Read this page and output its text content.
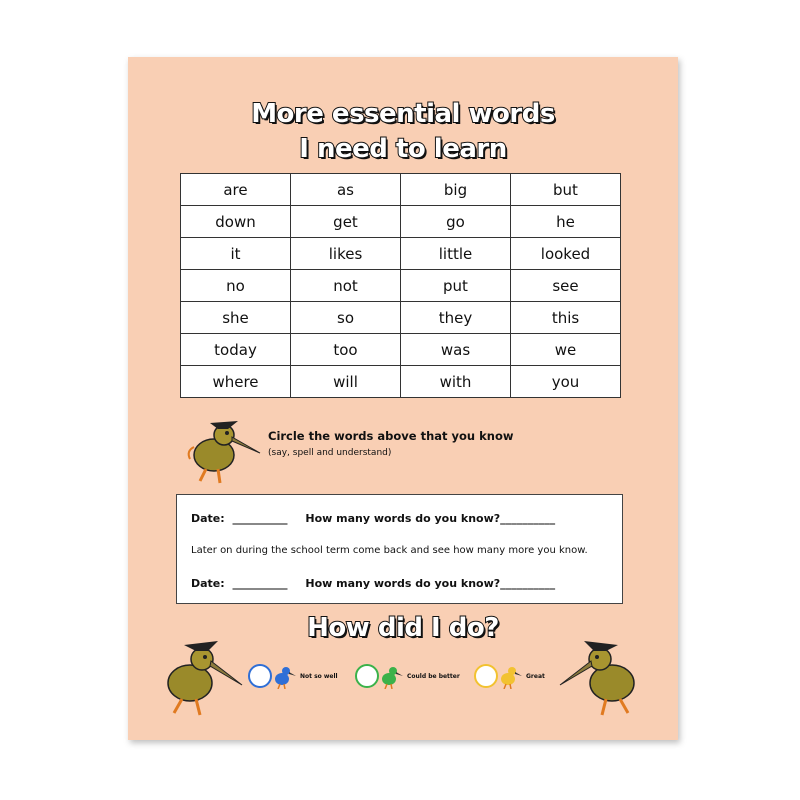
More essential words
I need to learn
are	as	big	but
down	get	go	he
it	likes	little	looked
no	not	put	see
she	so	they	this
today	too	was	we
where	will	with	you
Circle the words above that you know
(say, spell and understand)
Date: __________ How many words do you know?__________
Later on during the school term come back and see how many more you know.
Date: __________ How many words do you know?__________
How did I do?
Not so well	Could be better	Great
